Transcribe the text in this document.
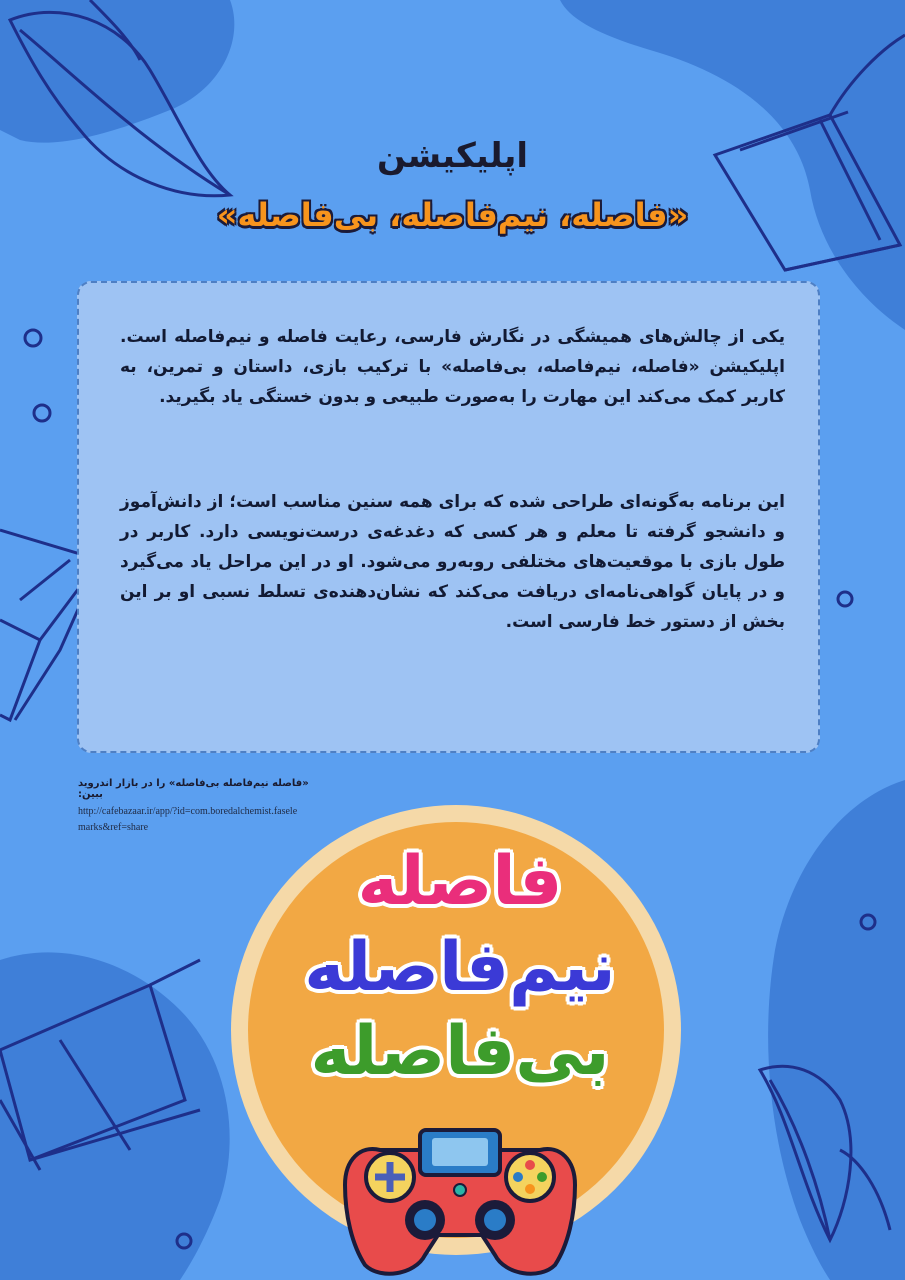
اپلیکیشن
«فاصله، نیم‌فاصله، بی‌فاصله»
یکی از چالش‌های همیشگی در نگارش فارسی، رعایت فاصله و نیم‌فاصله است. اپلیکیشن «فاصله، نیم‌فاصله، بی‌فاصله» با ترکیب بازی، داستان و تمرین، به کاربر کمک می‌کند این مهارت را به‌صورت طبیعی و بدون خستگی یاد بگیرید.
این برنامه به‌گونه‌ای طراحی شده که برای همه سنین مناسب است؛ از دانش‌آموز و دانشجو گرفته تا معلم و هر کسی که دغدغه‌ی درست‌نویسی دارد. کاربر در طول بازی با موقعیت‌های مختلفی روبه‌رو می‌شود. او در این مراحل یاد می‌گیرد و در پایان گواهی‌نامه‌ای دریافت می‌کند که نشان‌دهنده‌ی تسلط نسبی او بر این بخش از دستور خط فارسی است.
«فاصله نیم‌فاصله بی‌فاصله» را در بازار اندروید ببین:
http://cafebazaar.ir/app/?id=com.boredalchemist.faselemarks&ref=share
فاصله
نیم‌فاصله
بی‌فاصله
